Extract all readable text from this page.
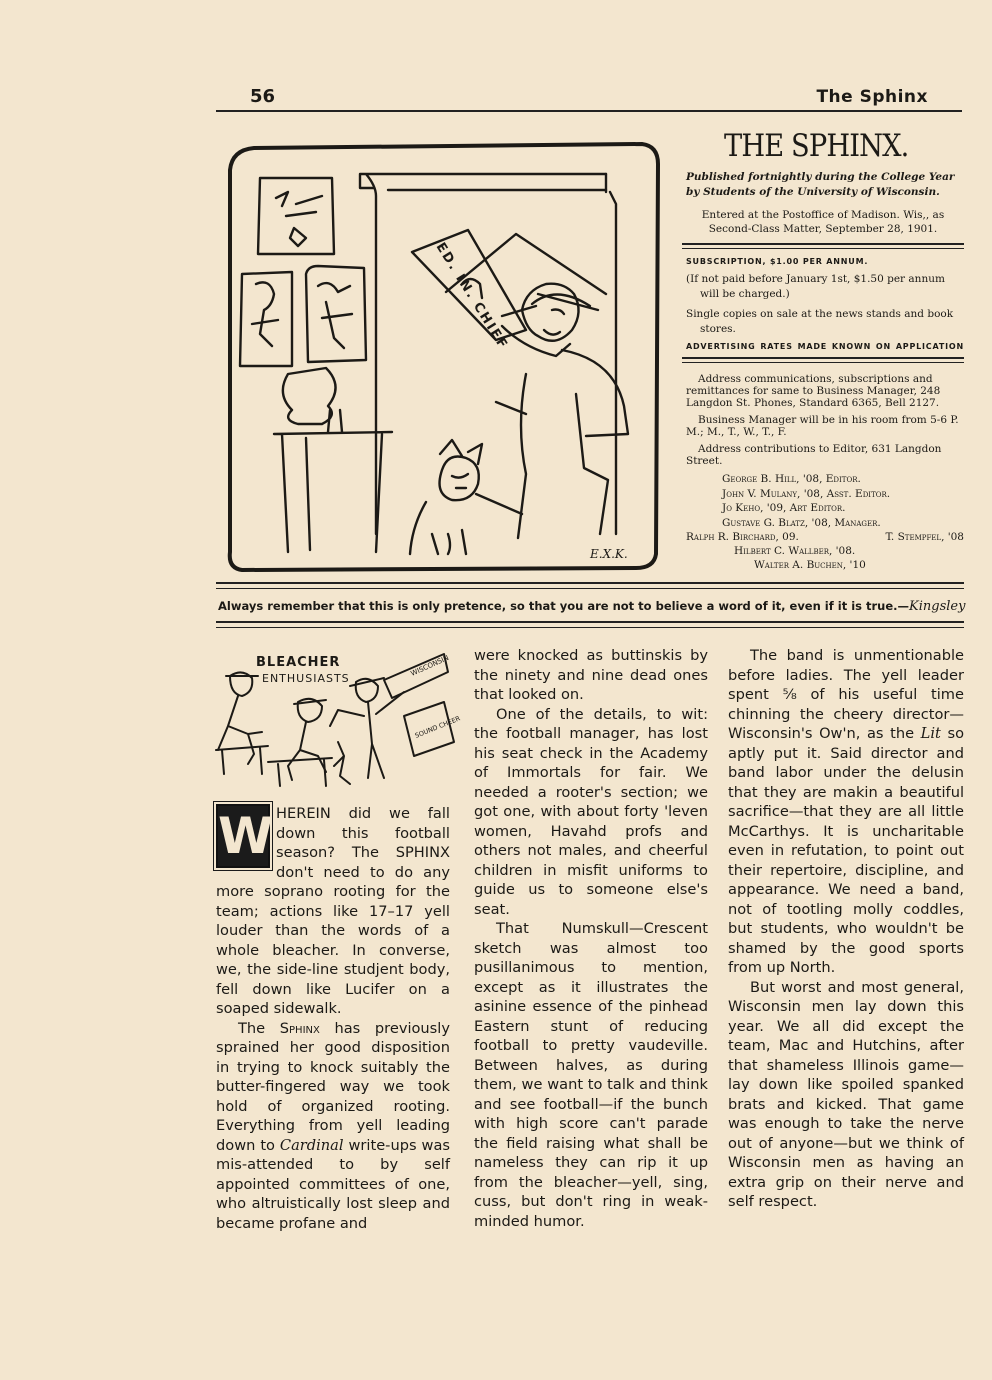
56	The Sphinx
ED. IN. CHIEF
E.X.K.
THE SPHINX.
Published fortnightly during the College Year by Students of the University of Wisconsin.
Entered at the Postoffice of Madison. Wis,, as Second-Class Matter, September 28, 1901.
SUBSCRIPTION, $1.00 PER ANNUM.
(If not paid before January 1st, $1.50 per annum will be charged.)
Single copies on sale at the news stands and book stores.
ADVERTISING RATES MADE KNOWN ON APPLICATION
Address communications, subscriptions and remittances for same to Business Manager, 248 Langdon St. Phones, Standard 6365, Bell 2127.
Business Manager will be in his room from 5-6 P. M.; M., T., W., T., F.
Address contributions to Editor, 631 Langdon Street.
George B. Hill, '08, Editor.
John V. Mulany, '08, Asst. Editor.
Jo Keho, '09, Art Editor.
Gustave G. Blatz, '08, Manager.
Ralph R. Birchard, 09.	T. Stempfel, '08
Hilbert C. Wallber, '08.
Walter A. Buchen, '10
Always remember that this is only pretence, so that you are not to believe a word of it, even if it is true.—Kingsley
BLEACHER
ENTHUSIASTS
WISCONSIN
SOUND CHEER
W HEREIN did we fall down this football season? The SPHINX don't need to do any more soprano rooting for the team; actions like 17–17 yell louder than the words of a whole bleacher. In converse, we, the side-line studjent body, fell down like Lucifer on a soaped sidewalk.

The Sphinx has previously sprained her good disposition in trying to knock suitably the butter-fingered way we took hold of organized rooting. Everything from yell leading down to Cardinal write-ups was mis-attended to by self appointed committees of one, who altruistically lost sleep and became profane and

were knocked as buttinskis by the ninety and nine dead ones that looked on.

One of the details, to wit: the football manager, has lost his seat check in the Academy of Immortals for fair. We needed a rooter's section; we got one, with about forty 'leven women, Havahd profs and others not males, and cheerful children in misfit uniforms to guide us to someone else's seat.

That Numskull—Crescent sketch was almost too pusillanimous to mention, except as it illustrates the asinine essence of the pinhead Eastern stunt of reducing football to pretty vaudeville. Between halves, as during them, we want to talk and think and see football—if the bunch with high score can't parade the field raising what shall be nameless they can rip it up from the bleacher—yell, sing, cuss, but don't ring in weak-minded humor.

The band is unmentionable before ladies. The yell leader spent ⅝ of his useful time chinning the cheery director—Wisconsin's Ow'n, as the Lit so aptly put it. Said director and band labor under the delusin that they are makin a beautiful sacrifice—that they are all little McCarthys. It is uncharitable even in refutation, to point out their repertoire, discipline, and appearance. We need a band, not of tootling molly coddles, but students, who wouldn't be shamed by the good sports from up North.

But worst and most general, Wisconsin men lay down this year. We all did except the team, Mac and Hutchins, after that shameless Illinois game—lay down like spoiled spanked brats and kicked. That game was enough to take the nerve out of anyone—but we think of Wisconsin men as having an extra grip on their nerve and self respect.
